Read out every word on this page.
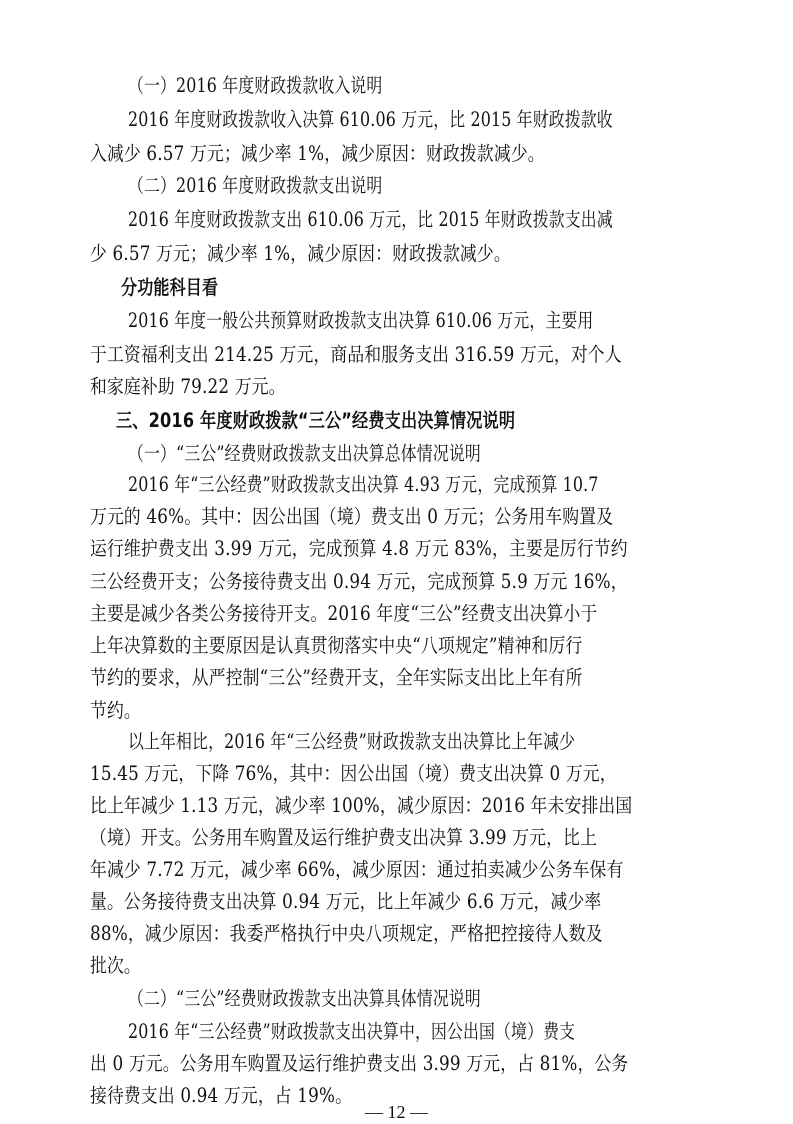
（一）2016 年度财政拨款收入说明
2016 年度财政拨款收入决算 610.06 万元，比 2015 年财政拨款收
入减少 6.57 万元；减少率 1%，减少原因：财政拨款减少。
（二）2016 年度财政拨款支出说明
2016 年度财政拨款支出 610.06 万元，比 2015 年财政拨款支出减
少 6.57 万元；减少率 1%，减少原因：财政拨款减少。
分功能科目看
2016 年度一般公共预算财政拨款支出决算 610.06 万元，主要用
于工资福利支出 214.25 万元，商品和服务支出 316.59 万元，对个人
和家庭补助 79.22 万元。
三、2016 年度财政拨款“三公”经费支出决算情况说明
（一）“三公”经费财政拨款支出决算总体情况说明
2016 年“三公经费”财政拨款支出决算 4.93 万元，完成预算 10.7
万元的 46%。其中：因公出国（境）费支出 0 万元；公务用车购置及
运行维护费支出 3.99 万元，完成预算 4.8 万元 83%，主要是厉行节约
三公经费开支；公务接待费支出 0.94 万元，完成预算 5.9 万元 16%，
主要是减少各类公务接待开支。2016 年度“三公”经费支出决算小于
上年决算数的主要原因是认真贯彻落实中央“八项规定”精神和厉行
节约的要求，从严控制“三公”经费开支，全年实际支出比上年有所
节约。
以上年相比，2016 年“三公经费”财政拨款支出决算比上年减少
15.45 万元，下降 76%，其中：因公出国（境）费支出决算 0 万元，
比上年减少 1.13 万元，减少率 100%，减少原因：2016 年未安排出国
（境）开支。公务用车购置及运行维护费支出决算 3.99 万元，比上
年减少 7.72 万元，减少率 66%，减少原因：通过拍卖减少公务车保有
量。公务接待费支出决算 0.94 万元，比上年减少 6.6 万元，减少率
88%，减少原因：我委严格执行中央八项规定，严格把控接待人数及
批次。
（二）“三公”经费财政拨款支出决算具体情况说明
2016 年“三公经费”财政拨款支出决算中，因公出国（境）费支
出 0 万元。公务用车购置及运行维护费支出 3.99 万元，占 81%，公务
接待费支出 0.94 万元，占 19%。
— 12 —
